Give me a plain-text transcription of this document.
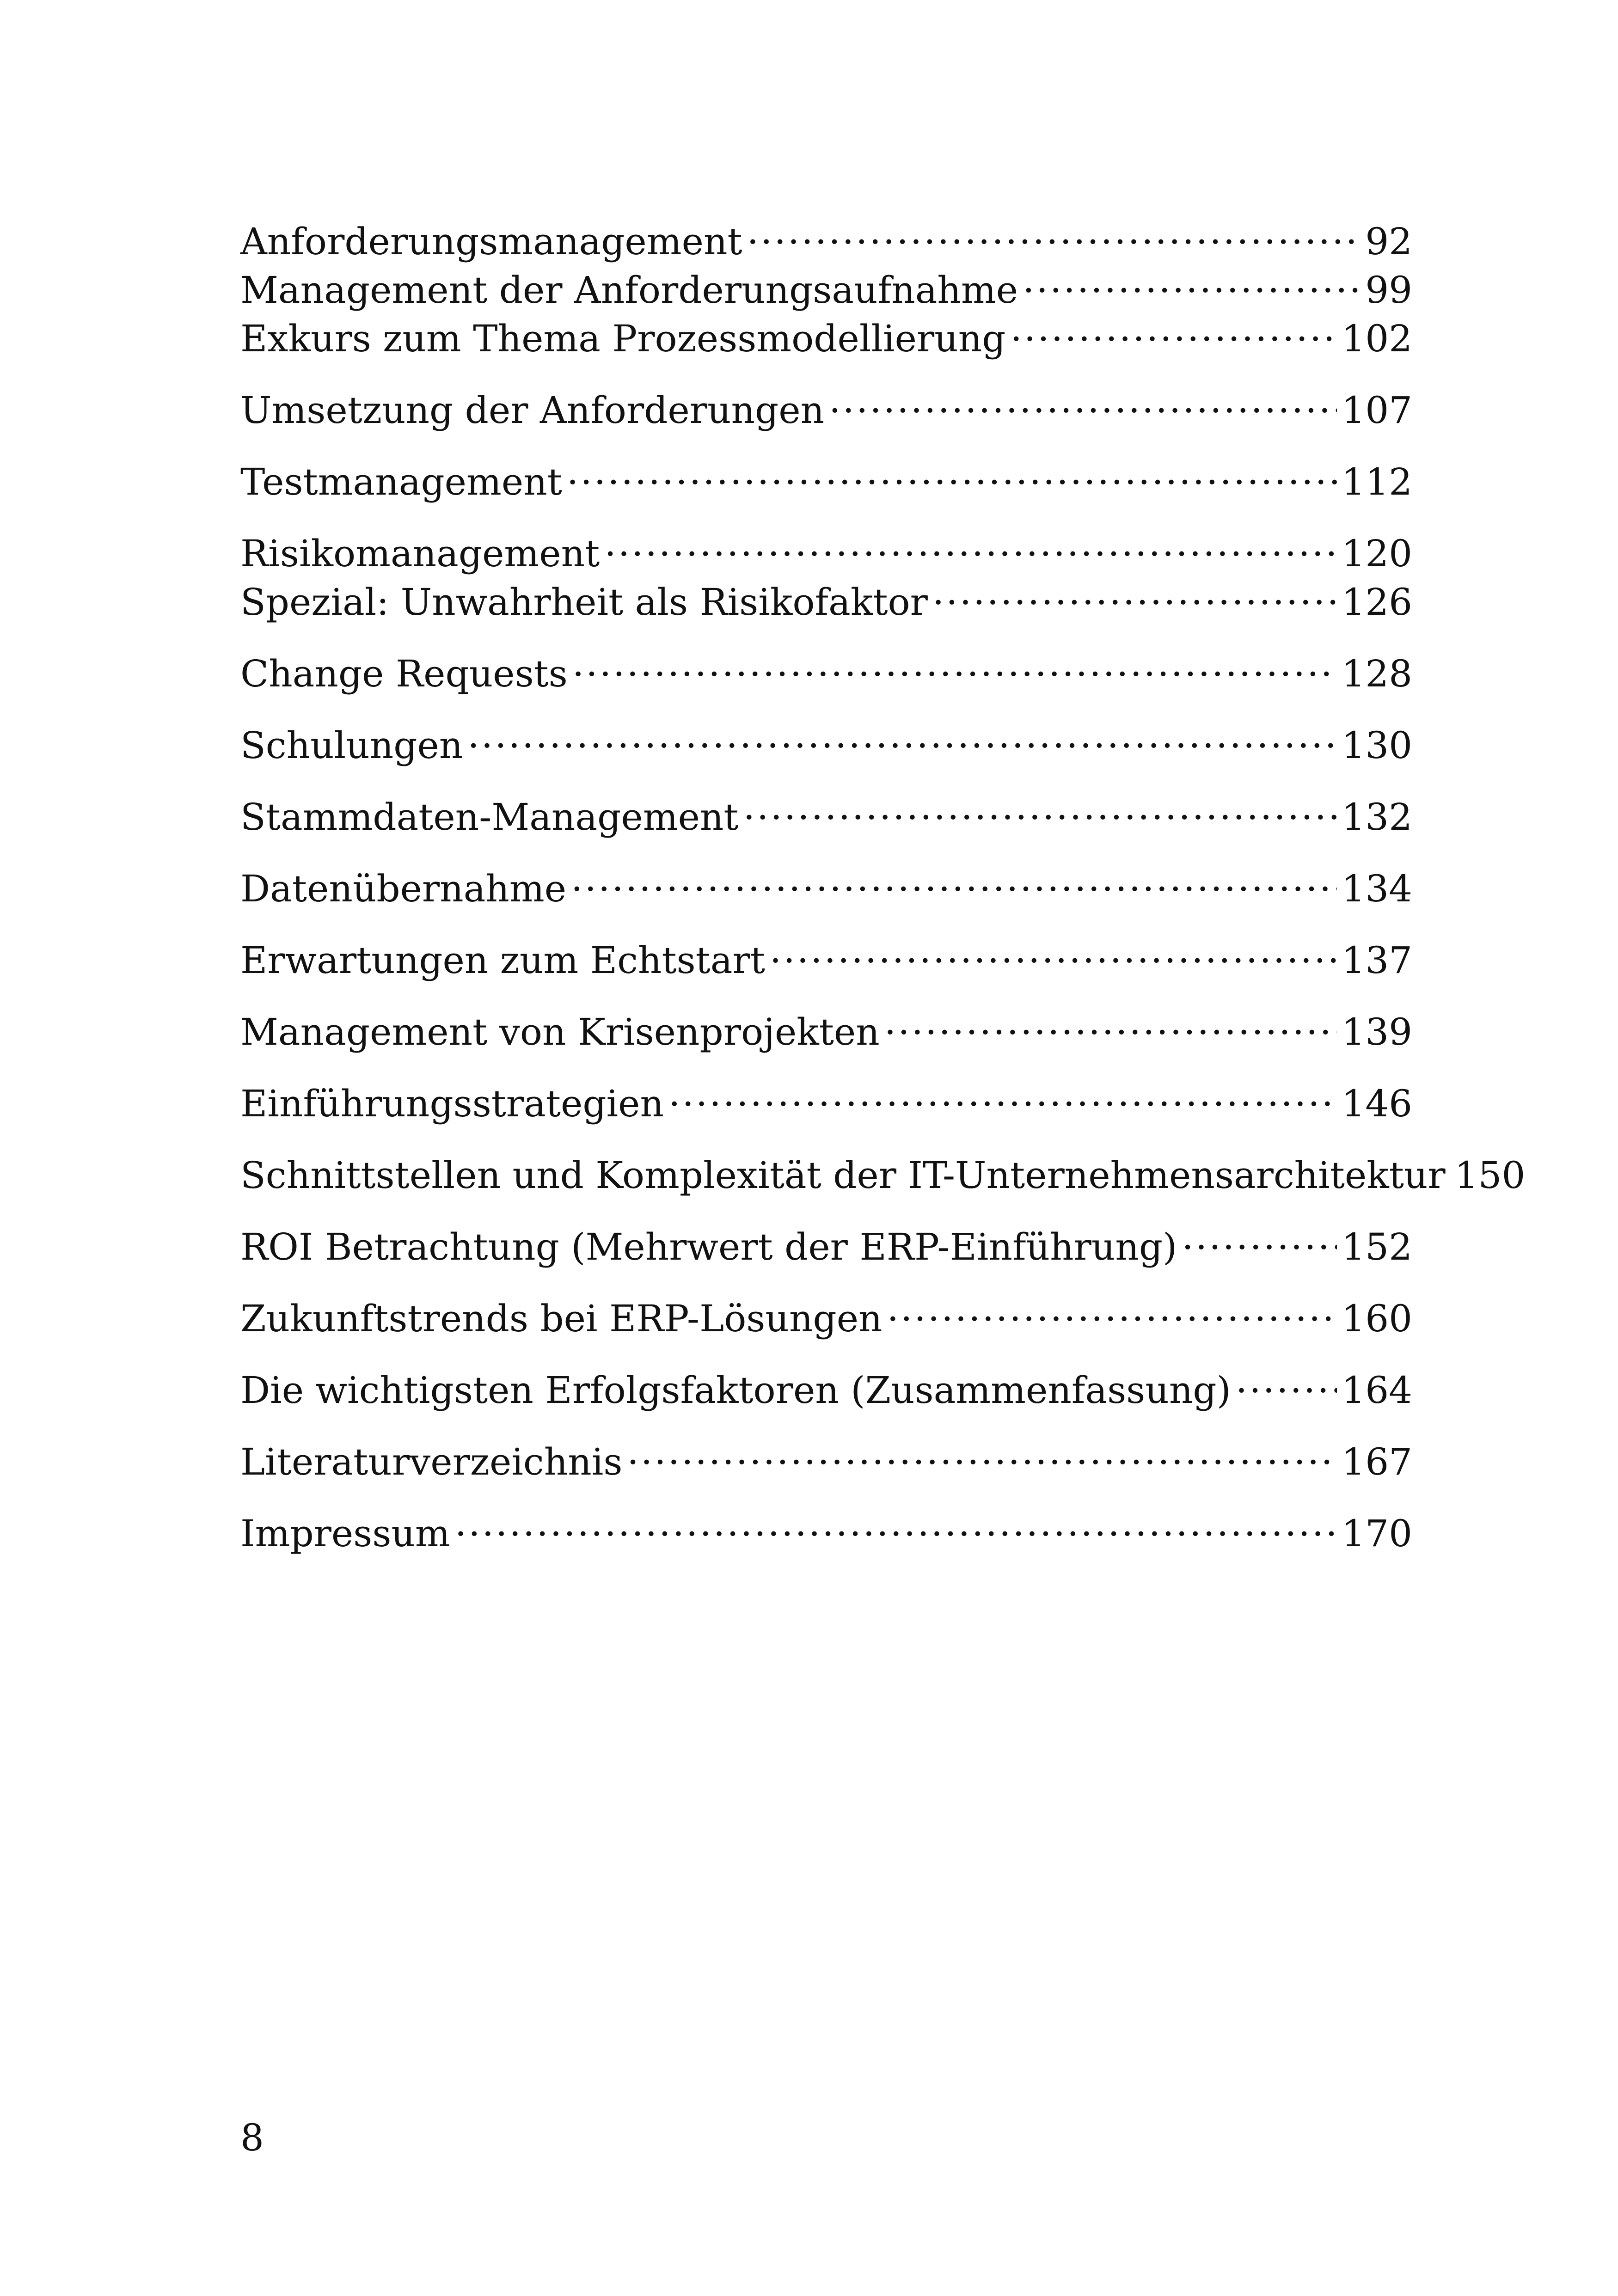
Anforderungsmanagement .....	92
Management der Anforderungsaufnahme .....	99
Exkurs zum Thema Prozessmodellierung .....	102
Umsetzung der Anforderungen .....	107
Testmanagement .....	112
Risikomanagement .....	120
Spezial: Unwahrheit als Risikofaktor .....	126
Change Requests .....	128
Schulungen .....	130
Stammdaten-Management .....	132
Datenübernahme .....	134
Erwartungen zum Echtstart .....	137
Management von Krisenprojekten .....	139
Einführungsstrategien .....	146
Schnittstellen und Komplexität der IT-Unternehmensarchitektur 150
ROI Betrachtung (Mehrwert der ERP-Einführung) .....	152
Zukunftstrends bei ERP-Lösungen .....	160
Die wichtigsten Erfolgsfaktoren (Zusammenfassung) .....	164
Literaturverzeichnis .....	167
Impressum .....	170
8
